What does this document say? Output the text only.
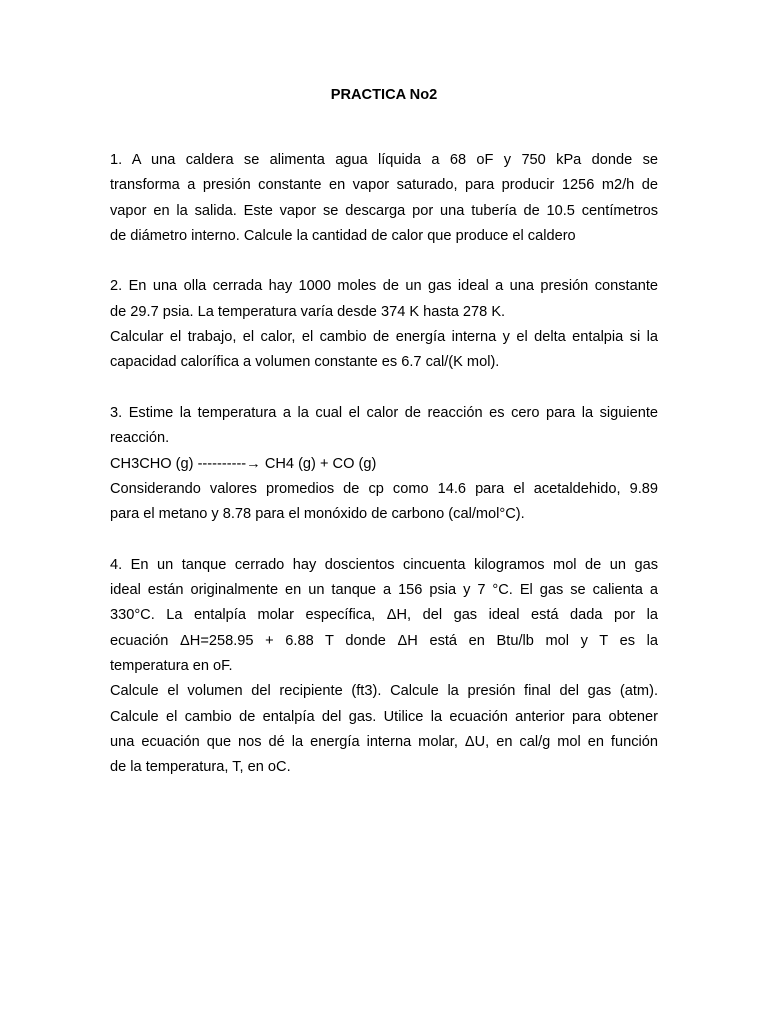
PRACTICA No2
1. A una caldera se alimenta agua líquida a 68 oF y 750 kPa donde se
transforma a presión constante en vapor saturado, para producir 1256 m2/h de
vapor en la salida. Este vapor se descarga por una tubería de 10.5 centímetros
de diámetro interno. Calcule la cantidad de calor que produce el caldero
2. En una olla cerrada hay 1000 moles de un gas ideal a una presión constante
de 29.7 psia. La temperatura varía desde 374 K hasta 278 K.
Calcular el trabajo, el calor, el cambio de energía interna y el delta entalpia si la
capacidad calorífica a volumen constante es 6.7 cal/(K mol).
3. Estime la temperatura a la cual el calor de reacción es cero para la siguiente
reacción.
CH3CHO (g) ----------→ CH4 (g) + CO (g)
Considerando valores promedios de cp como 14.6 para el acetaldehido, 9.89
para el metano y 8.78 para el monóxido de carbono (cal/mol°C).
4. En un tanque cerrado hay doscientos cincuenta kilogramos mol de un gas
ideal están originalmente en un tanque a 156 psia y 7 °C. El gas se calienta a
330°C. La entalpía molar específica, ΔH, del gas ideal está dada por la
ecuación ΔH=258.95 + 6.88 T donde ΔH está en Btu/lb mol y T es la
temperatura en oF.
Calcule el volumen del recipiente (ft3). Calcule la presión final del gas (atm).
Calcule el cambio de entalpía del gas. Utilice la ecuación anterior para obtener
una ecuación que nos dé la energía interna molar, ΔU, en cal/g mol en función
de la temperatura, T, en oC.
